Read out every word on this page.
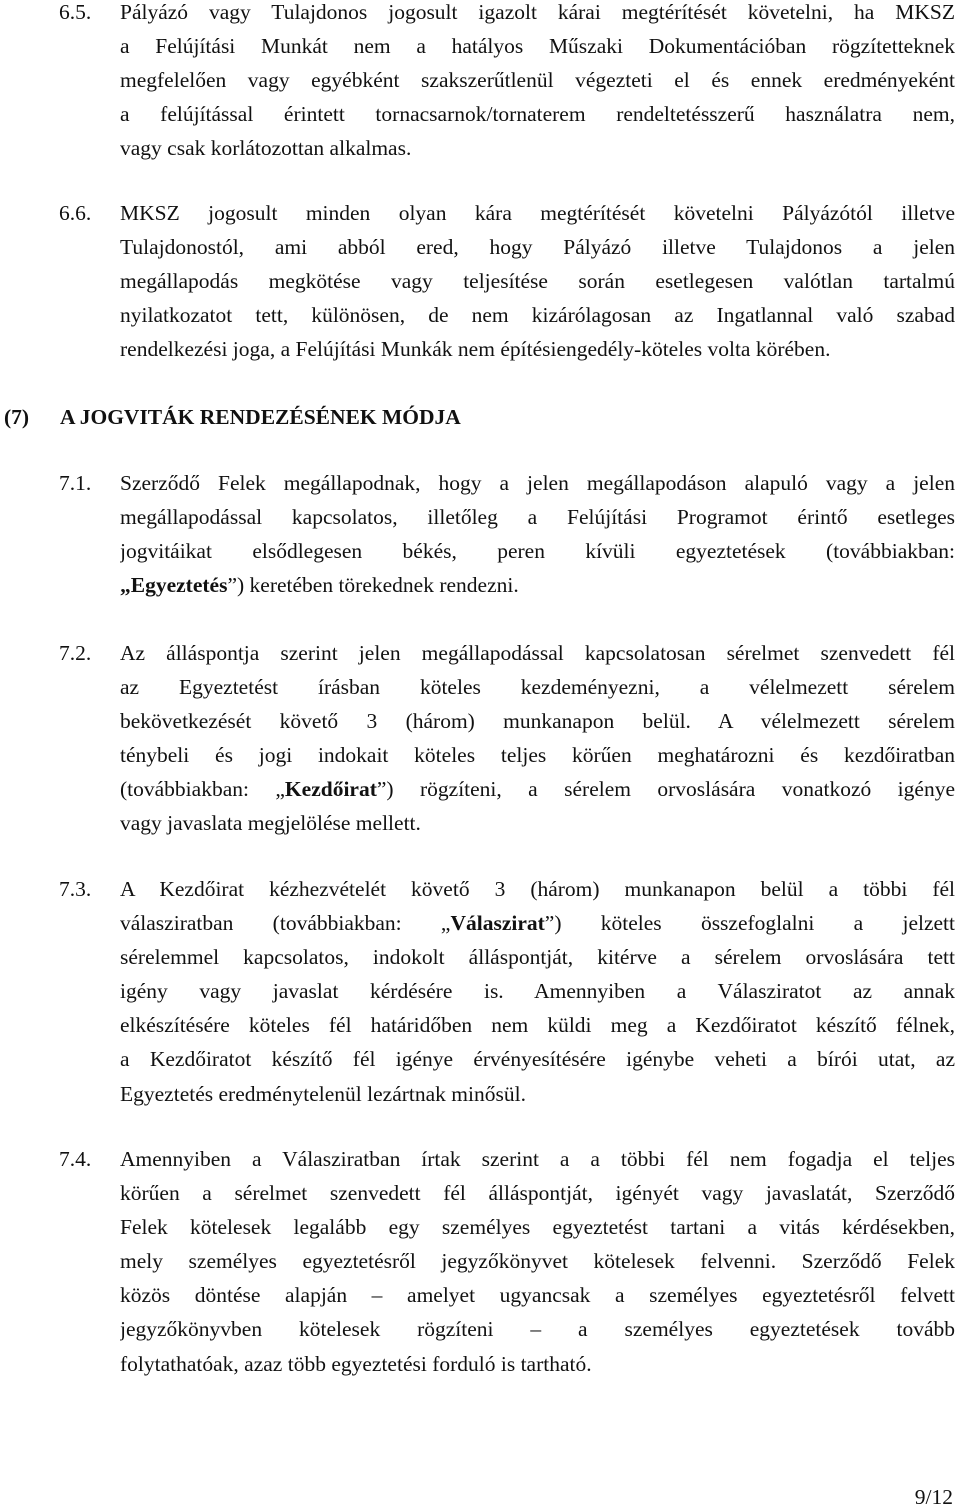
6.5. Pályázó vagy Tulajdonos jogosult igazolt kárai megtérítését követelni, ha MKSZ
a Felújítási Munkát nem a hatályos Műszaki Dokumentációban rögzítetteknek
megfelelően vagy egyébként szakszerűtlenül végezteti el és ennek eredményeként
a felújítással érintett tornacsarnok/tornaterem rendeltetésszerű használatra nem,
vagy csak korlátozottan alkalmas.
6.6. MKSZ jogosult minden olyan kára megtérítését követelni Pályázótól illetve
Tulajdonostól, ami abból ered, hogy Pályázó illetve Tulajdonos a jelen
megállapodás megkötése vagy teljesítése során esetlegesen valótlan tartalmú
nyilatkozatot tett, különösen, de nem kizárólagosan az Ingatlannal való szabad
rendelkezési joga, a Felújítási Munkák nem építésiengedély-köteles volta körében.
(7) A JOGVITÁK RENDEZÉSÉNEK MÓDJA
7.1. Szerződő Felek megállapodnak, hogy a jelen megállapodáson alapuló vagy a jelen
megállapodással kapcsolatos, illetőleg a Felújítási Programot érintő esetleges
jogvitáikat elsődlegesen békés, peren kívüli egyeztetések (továbbiakban:
„Egyeztetés”) keretében törekednek rendezni.
7.2. Az álláspontja szerint jelen megállapodással kapcsolatosan sérelmet szenvedett fél
az Egyeztetést írásban köteles kezdeményezni, a vélelmezett sérelem
bekövetkezését követő 3 (három) munkanapon belül. A vélelmezett sérelem
ténybeli és jogi indokait köteles teljes körűen meghatározni és kezdőiratban
(továbbiakban: „Kezdőirat”) rögzíteni, a sérelem orvoslására vonatkozó igénye
vagy javaslata megjelölése mellett.
7.3. A Kezdőirat kézhezvételét követő 3 (három) munkanapon belül a többi fél
válasziratban (továbbiakban: „Válaszirat”) köteles összefoglalni a jelzett
sérelemmel kapcsolatos, indokolt álláspontját, kitérve a sérelem orvoslására tett
igény vagy javaslat kérdésére is. Amennyiben a Válasziratot az annak
elkészítésére köteles fél határidőben nem küldi meg a Kezdőiratot készítő félnek,
a Kezdőiratot készítő fél igénye érvényesítésére igénybe veheti a bírói utat, az
Egyeztetés eredménytelenül lezártnak minősül.
7.4. Amennyiben a Válasziratban írtak szerint a a többi fél nem fogadja el teljes
körűen a sérelmet szenvedett fél álláspontját, igényét vagy javaslatát, Szerződő
Felek kötelesek legalább egy személyes egyeztetést tartani a vitás kérdésekben,
mely személyes egyeztetésről jegyzőkönyvet kötelesek felvenni. Szerződő Felek
közös döntése alapján – amelyet ugyancsak a személyes egyeztetésről felvett
jegyzőkönyvben kötelesek rögzíteni – a személyes egyeztetések tovább
folytathatóak, azaz több egyeztetési forduló is tartható.
9/12
